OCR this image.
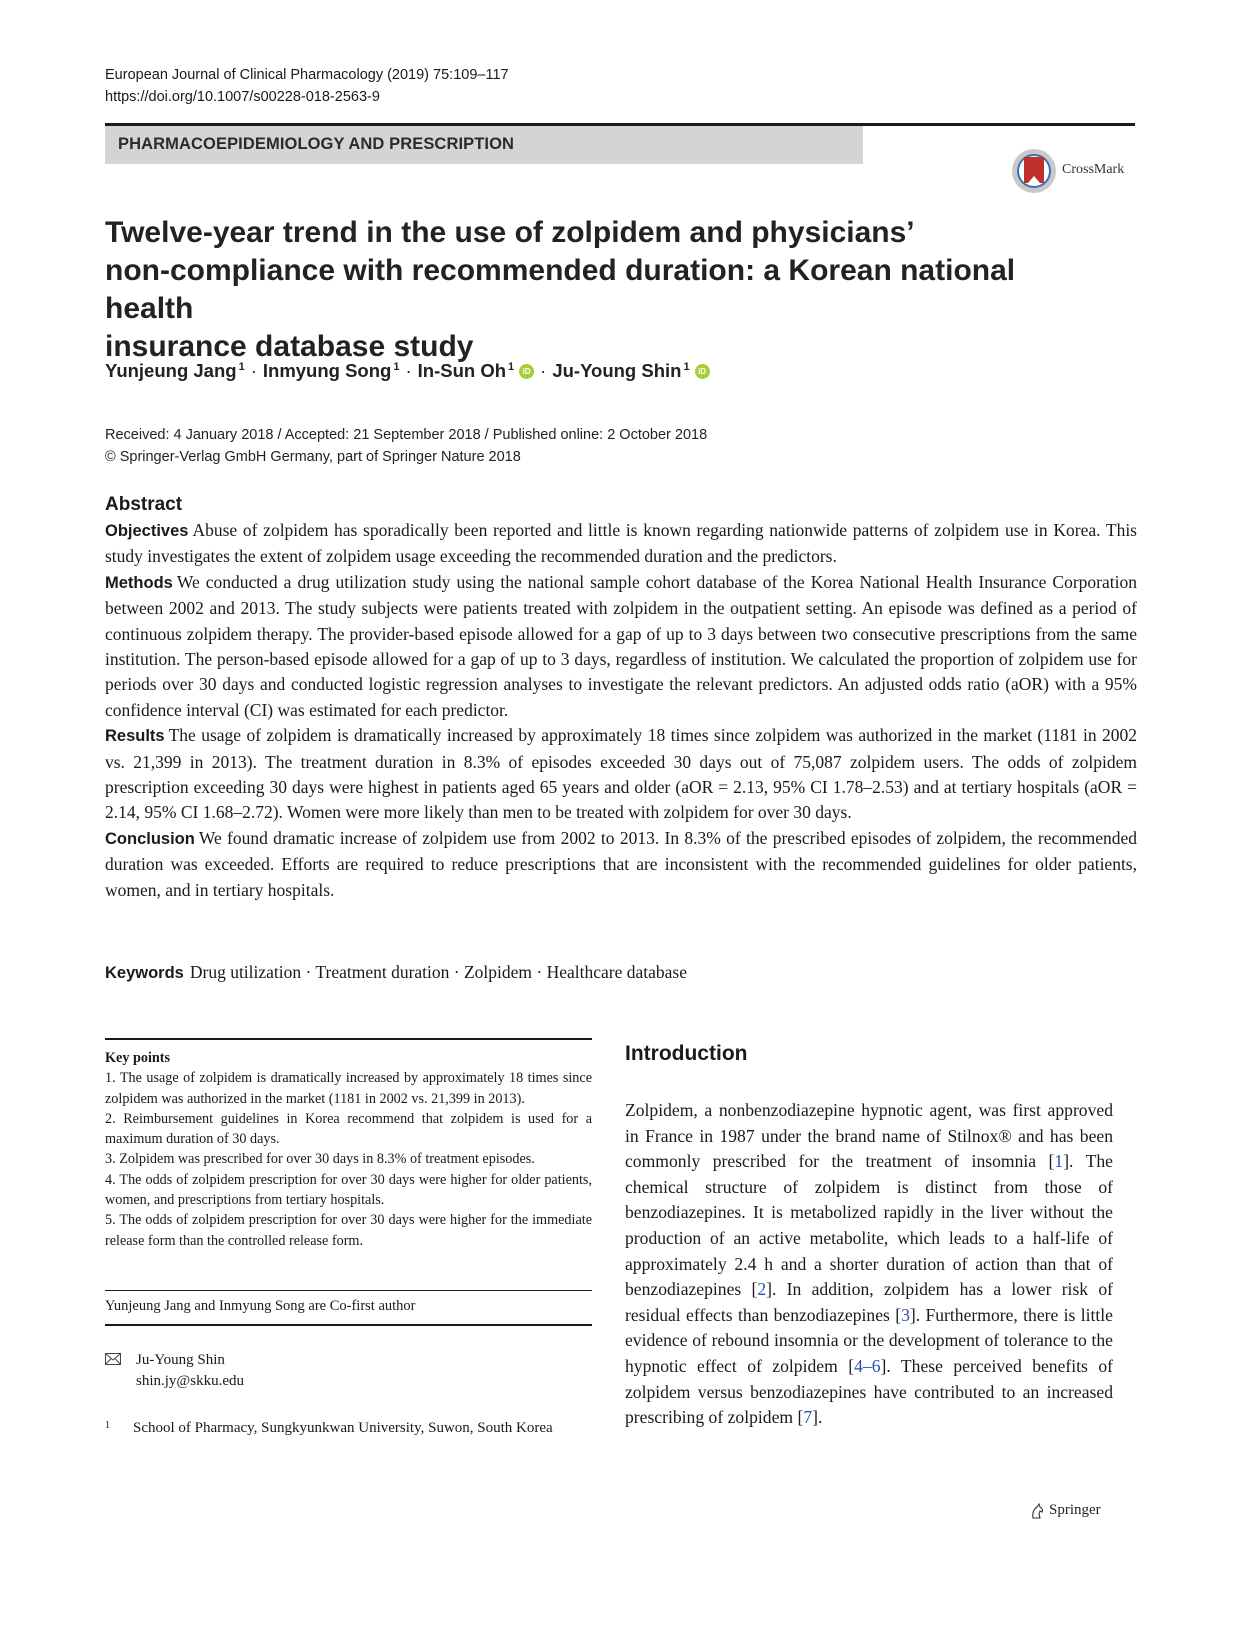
European Journal of Clinical Pharmacology (2019) 75:109–117
https://doi.org/10.1007/s00228-018-2563-9
PHARMACOEPIDEMIOLOGY AND PRESCRIPTION
CrossMark
Twelve-year trend in the use of zolpidem and physicians’
non-compliance with recommended duration: a Korean national health
insurance database study
Yunjeung Jang $^1$ · Inmyung Song $^1$ · In-Sun Oh $^1$ iD · Ju-Young Shin $^1$ iD
Received: 4 January 2018 / Accepted: 21 September 2018 / Published online: 2 October 2018
© Springer-Verlag GmbH Germany, part of Springer Nature 2018
Abstract

Objectives Abuse of zolpidem has sporadically been reported and little is known regarding nationwide patterns of zolpidem use in Korea. This study investigates the extent of zolpidem usage exceeding the recommended duration and the predictors.

Methods We conducted a drug utilization study using the national sample cohort database of the Korea National Health Insurance Corporation between 2002 and 2013. The study subjects were patients treated with zolpidem in the outpatient setting. An episode was defined as a period of continuous zolpidem therapy. The provider-based episode allowed for a gap of up to 3 days between two consecutive prescriptions from the same institution. The person-based episode allowed for a gap of up to 3 days, regardless of institution. We calculated the proportion of zolpidem use for periods over 30 days and conducted logistic regression analyses to investigate the relevant predictors. An adjusted odds ratio (aOR) with a 95% confidence interval (CI) was estimated for each predictor.

Results The usage of zolpidem is dramatically increased by approximately 18 times since zolpidem was authorized in the market (1181 in 2002 vs. 21,399 in 2013). The treatment duration in 8.3% of episodes exceeded 30 days out of 75,087 zolpidem users. The odds of zolpidem prescription exceeding 30 days were highest in patients aged 65 years and older (aOR = 2.13, 95% CI 1.78–2.53) and at tertiary hospitals (aOR = 2.14, 95% CI 1.68–2.72). Women were more likely than men to be treated with zolpidem for over 30 days.

Conclusion We found dramatic increase of zolpidem use from 2002 to 2013. In 8.3% of the prescribed episodes of zolpidem, the recommended duration was exceeded. Efforts are required to reduce prescriptions that are inconsistent with the recommended guidelines for older patients, women, and in tertiary hospitals.

Keywords Drug utilization · Treatment duration · Zolpidem · Healthcare database

Key points

1. The usage of zolpidem is dramatically increased by approximately 18 times since zolpidem was authorized in the market (1181 in 2002 vs. 21,399 in 2013).

2. Reimbursement guidelines in Korea recommend that zolpidem is used for a maximum duration of 30 days.

3. Zolpidem was prescribed for over 30 days in 8.3% of treatment episodes.

4. The odds of zolpidem prescription for over 30 days were higher for older patients, women, and prescriptions from tertiary hospitals.

5. The odds of zolpidem prescription for over 30 days were higher for the immediate release form than the controlled release form.

Yunjeung Jang and Inmyung Song are Co-first author
Ju-Young Shin
shin.jy@skku.edu
1 School of Pharmacy, Sungkyunkwan University, Suwon, South Korea
Introduction

Zolpidem, a nonbenzodiazepine hypnotic agent, was first approved in France in 1987 under the brand name of Stilnox® and has been commonly prescribed for the treatment of insomnia [1]. The chemical structure of zolpidem is distinct from those of benzodiazepines. It is metabolized rapidly in the liver without the production of an active metabolite, which leads to a half-life of approximately 2.4 h and a shorter duration of action than that of benzodiazepines [2]. In addition, zolpidem has a lower risk of residual effects than benzodiazepines [3]. Furthermore, there is little evidence of rebound insomnia or the development of tolerance to the hypnotic effect of zolpidem [4–6]. These perceived benefits of zolpidem versus benzodiazepines have contributed to an increased prescribing of zolpidem [7].

Springer
